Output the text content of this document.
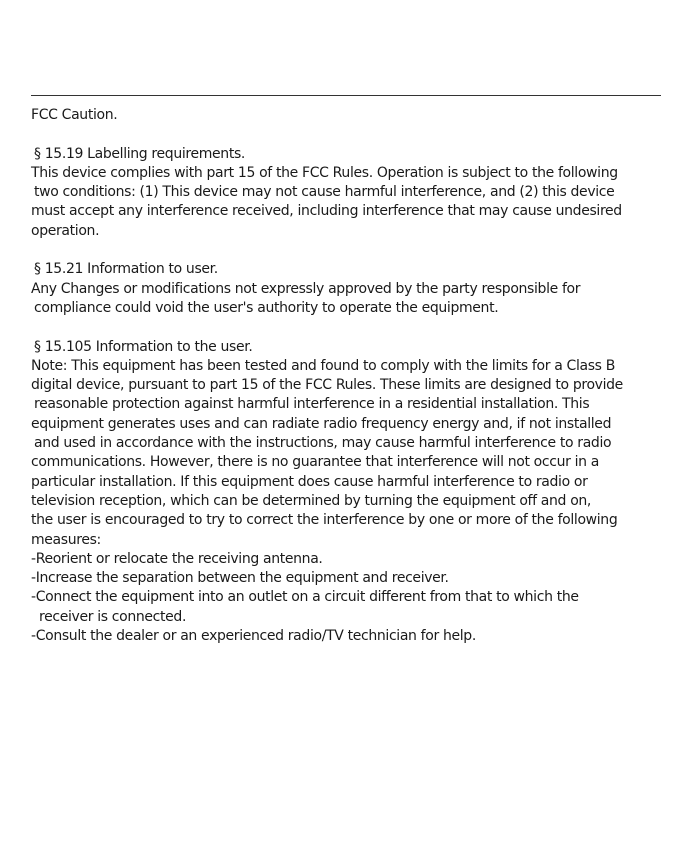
FCC Caution.
§ 15.19 Labelling requirements.
This device complies with part 15 of the FCC Rules. Operation is subject to the following
two conditions: (1) This device may not cause harmful interference, and (2) this device
must accept any interference received, including interference that may cause undesired
operation.
§ 15.21 Information to user.
Any Changes or modifications not expressly approved by the party responsible for
compliance could void the user's authority to operate the equipment.
§ 15.105 Information to the user.
Note: This equipment has been tested and found to comply with the limits for a Class B
digital device, pursuant to part 15 of the FCC Rules. These limits are designed to provide
reasonable protection against harmful interference in a residential installation. This
equipment generates uses and can radiate radio frequency energy and, if not installed
and used in accordance with the instructions, may cause harmful interference to radio
communications. However, there is no guarantee that interference will not occur in a
particular installation. If this equipment does cause harmful interference to radio or
television reception, which can be determined by turning the equipment off and on,
the user is encouraged to try to correct the interference by one or more of the following
measures:
-Reorient or relocate the receiving antenna.
-Increase the separation between the equipment and receiver.
-Connect the equipment into an outlet on a circuit different from that to which the
receiver is connected.
-Consult the dealer or an experienced radio/TV technician for help.
